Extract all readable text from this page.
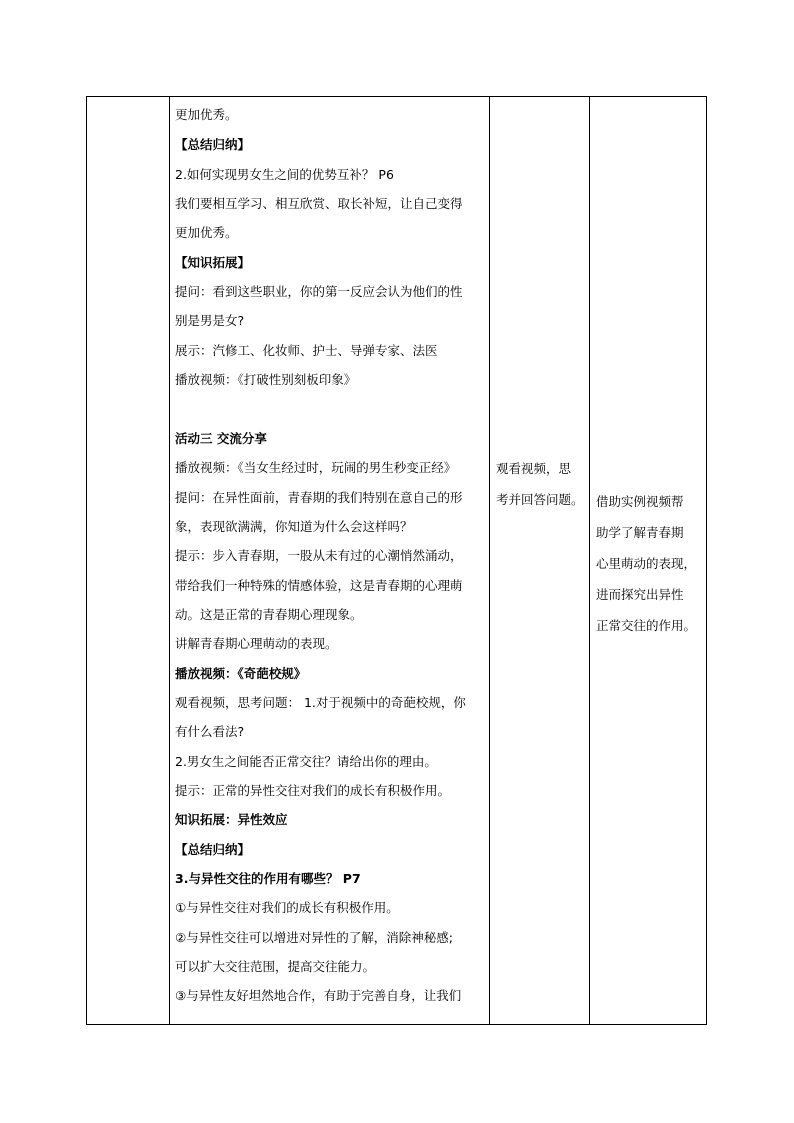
更加优秀。
【总结归纳】
2.如何实现男女生之间的优势互补？ P6
我们要相互学习、相互欣赏、取长补短，让自己变得
更加优秀。
【知识拓展】
提问：看到这些职业，你的第一反应会认为他们的性
别是男是女?
展示：汽修工、化妆师、护士、导弹专家、法医
播放视频：《打破性别刻板印象》
活动三 交流分享
播放视频：《当女生经过时，玩闹的男生秒变正经》
提问：在异性面前，青春期的我们特别在意自己的形
象，表现欲满满，你知道为什么会这样吗？
提示：步入青春期，一股从未有过的心潮悄然涌动，
带给我们一种特殊的情感体验，这是青春期的心理萌
动。这是正常的青春期心理现象。
讲解青春期心理萌动的表现。
播放视频：《奇葩校规》
观看视频，思考问题： 1.对于视频中的奇葩校规，你
有什么看法?
2.男女生之间能否正常交往？请给出你的理由。
提示：正常的异性交往对我们的成长有积极作用。
知识拓展：异性效应
【总结归纳】
3.与异性交往的作用有哪些？ P7
①与异性交往对我们的成长有积极作用。
②与异性交往可以增进对异性的了解，消除神秘感;
可以扩大交往范围，提高交往能力。
③与异性友好坦然地合作，有助于完善自身，让我们
观看视频，思
考并回答问题。 借助实例视频帮
助学了解青春期
心里萌动的表现，
进而探究出异性
正常交往的作用。
